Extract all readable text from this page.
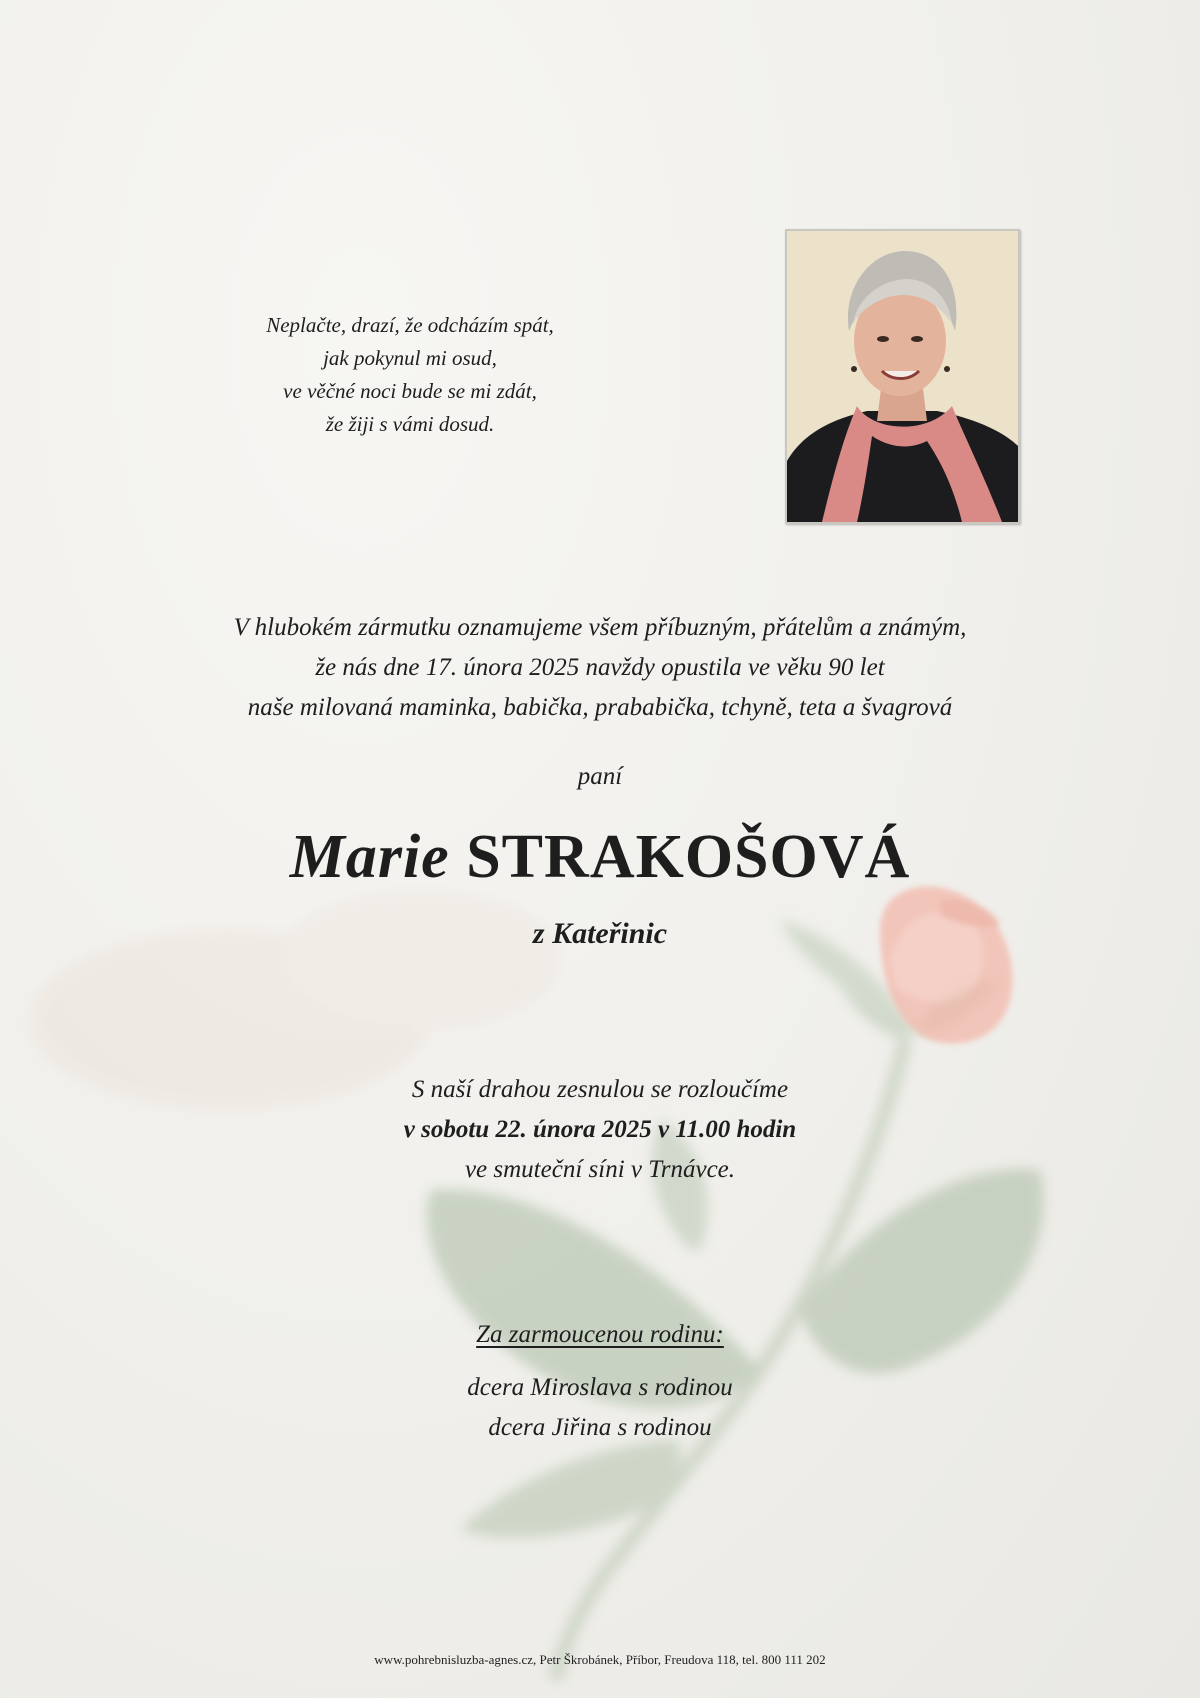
Neplačte, drazí, že odcházím spát,
jak pokynul mi osud,
ve věčné noci bude se mi zdát,
že žiji s vámi dosud.
V hlubokém zármutku oznamujeme všem příbuzným, přátelům a známým,
že nás dne 17. února 2025 navždy opustila ve věku 90 let
naše milovaná maminka, babička, prababička, tchyně, teta a švagrová
paní
Marie STRAKOŠOVÁ
z Kateřinic
S naší drahou zesnulou se rozloučíme
v sobotu 22. února 2025 v 11.00 hodin
ve smuteční síni v Trnávce.
Za zarmoucenou rodinu:
dcera Miroslava s rodinou
dcera Jiřina s rodinou
www.pohrebnisluzba-agnes.cz, Petr Škrobánek, Příbor, Freudova 118, tel. 800 111 202
